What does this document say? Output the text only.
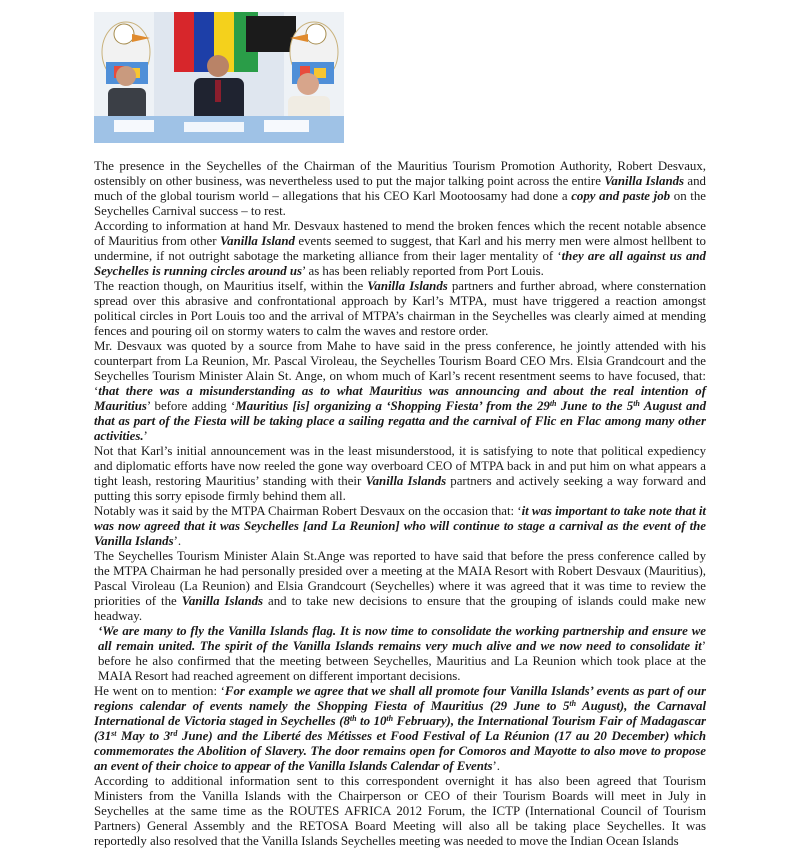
The presence in the Seychelles of the Chairman of the Mauritius Tourism Promotion Authority, Robert Desvaux, ostensibly on other business, was nevertheless used to put the major talking point across the entire Vanilla Islands and much of the global tourism world – allegations that his CEO Karl Mootoosamy had done a copy and paste job on the Seychelles Carnival success – to rest.

According to information at hand Mr. Desvaux hastened to mend the broken fences which the recent notable absence of Mauritius from other Vanilla Island events seemed to suggest, that Karl and his merry men were almost hellbent to undermine, if not outright sabotage the marketing alliance from their lager mentality of ‘they are all against us and Seychelles is running circles around us’ as has been reliably reported from Port Louis.

The reaction though, on Mauritius itself, within the Vanilla Islands partners and further abroad, where consternation spread over this abrasive and confrontational approach by Karl’s MTPA, must have triggered a reaction amongst political circles in Port Louis too and the arrival of MTPA’s chairman in the Seychelles was clearly aimed at mending fences and pouring oil on stormy waters to calm the waves and restore order.

Mr. Desvaux was quoted by a source from Mahe to have said in the press conference, he jointly attended with his counterpart from La Reunion, Mr. Pascal Viroleau, the Seychelles Tourism Board CEO Mrs. Elsia Grandcourt and the Seychelles Tourism Minister Alain St. Ange, on whom much of Karl’s recent resentment seems to have focused, that: ‘that there was a misunderstanding as to what Mauritius was announcing and about the real intention of Mauritius’ before adding ‘Mauritius [is] organizing a ‘Shopping Fiesta’ from the 29th June to the 5th August and that as part of the Fiesta will be taking place a sailing regatta and the carnival of Flic en Flac among many other activities.’

Not that Karl’s initial announcement was in the least misunderstood, it is satisfying to note that political expediency and diplomatic efforts have now reeled the gone way overboard CEO of MTPA back in and put him on what appears a tight leash, restoring Mauritius’ standing with their Vanilla Islands partners and actively seeking a way forward and putting this sorry episode firmly behind them all.

Notably was it said by the MTPA Chairman Robert Desvaux on the occasion that: ‘it was important to take note that it was now agreed that it was Seychelles [and La Reunion] who will continue to stage a carnival as the event of the Vanilla Islands’.

The Seychelles Tourism Minister Alain St.Ange was reported to have said that before the press conference called by the MTPA Chairman he had personally presided over a meeting at the MAIA Resort with Robert Desvaux (Mauritius), Pascal Viroleau (La Reunion) and Elsia Grandcourt (Seychelles) where it was agreed that it was time to review the priorities of the Vanilla Islands and to take new decisions to ensure that the grouping of islands could make new headway.

‘We are many to fly the Vanilla Islands flag. It is now time to consolidate the working partnership and ensure we all remain united. The spirit of the Vanilla Islands remains very much alive and we now need to consolidate it’ before he also confirmed that the meeting between Seychelles, Mauritius and La Reunion which took place at the MAIA Resort had reached agreement on different important decisions.

He went on to mention: ‘For example we agree that we shall all promote four Vanilla Islands’ events as part of our regions calendar of events namely the Shopping Fiesta of Mauritius (29 June to 5th August), the Carnaval International de Victoria staged in Seychelles (8th to 10th February), the International Tourism Fair of Madagascar (31st May to 3rd June) and the Liberté des Métisses et Food Festival of La Réunion (17 au 20 December) which commemorates the Abolition of Slavery. The door remains open for Comoros and Mayotte to also move to propose an event of their choice to appear of the Vanilla Islands Calendar of Events’.

According to additional information sent to this correspondent overnight it has also been agreed that Tourism Ministers from the Vanilla Islands with the Chairperson or CEO of their Tourism Boards will meet in July in Seychelles at the same time as the ROUTES AFRICA 2012 Forum, the ICTP (International Council of Tourism Partners) General Assembly and the RETOSA Board Meeting will also all be taking place Seychelles. It was reportedly also resolved that the Vanilla Islands Seychelles meeting was needed to move the Indian Ocean Islands
